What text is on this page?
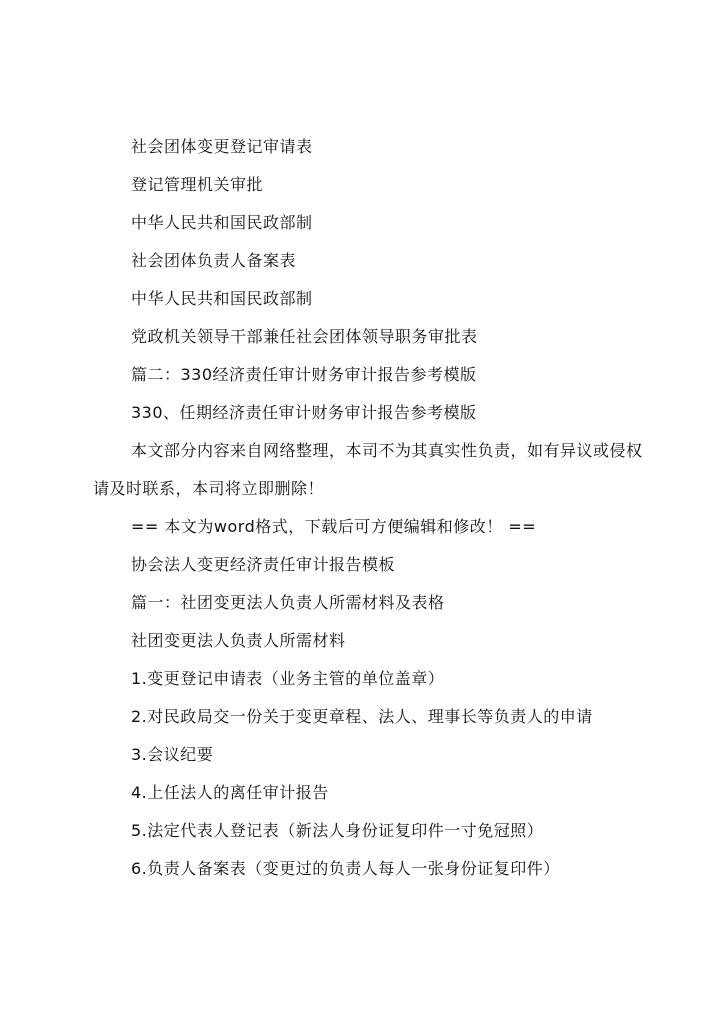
社会团体变更登记审请表
登记管理机关审批
中华人民共和国民政部制
社会团体负责人备案表
中华人民共和国民政部制
党政机关领导干部兼任社会团体领导职务审批表
篇二：330经济责任审计财务审计报告参考模版
330、任期经济责任审计财务审计报告参考模版
本文部分内容来自网络整理，本司不为其真实性负责，如有异议或侵权请及时联系，本司将立即删除！
== 本文为word格式，下载后可方便编辑和修改！ ==
协会法人变更经济责任审计报告模板
篇一：社团变更法人负责人所需材料及表格
社团变更法人负责人所需材料
1.变更登记申请表（业务主管的单位盖章）
2.对民政局交一份关于变更章程、法人、理事长等负责人的申请
3.会议纪要
4.上任法人的离任审计报告
5.法定代表人登记表（新法人身份证复印件一寸免冠照）
6.负责人备案表（变更过的负责人每人一张身份证复印件）
